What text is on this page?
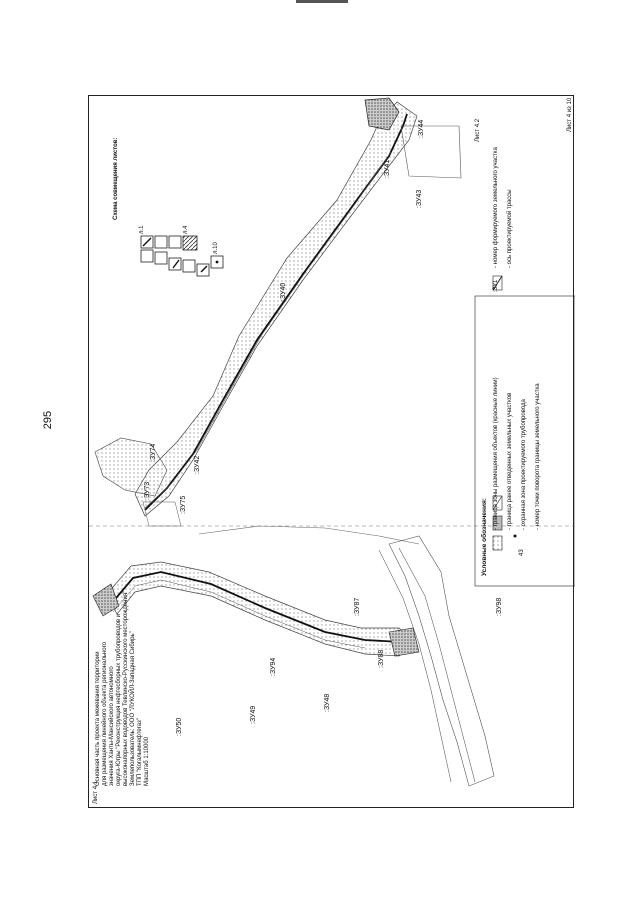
295
:ЗУ40
:ЗУ41
:ЗУ42
:ЗУ43
:ЗУ44
:ЗУ73
:ЗУ74
:ЗУ75
л.1	л.4
л.10
:ЗУ48
:ЗУ49
:ЗУ50
:ЗУ87
:ЗУ88
:ЗУ94
:ЗУ98
Основная часть проекта межевания территории для размещения линейного объекта регионального значения Ханты-Мансийского автономного округа-Югры "Реконструкция нефтесборных трубопроводов и высоконапорных водоводов Тевлинско-Русскинского месторождения" Землепользователь: ООО "ЛУКОЙЛ-Западная Сибирь" ТПП "Когалымнефтегаз" Масштаб 1:10000
Лист 4.1
Лист 4.2	Лист 4 из 10
Схема совмещения листов:
Условные обозначения:
- граница зоны размещения объектов (красные линии) - граница ранее отведенных земельных участков - охранная зона проектируемого трубопровода - номер точки поворота границы земельного участка
43
- номер формируемого земельного участка - ось проектируемой трассы
:ЗУ1
